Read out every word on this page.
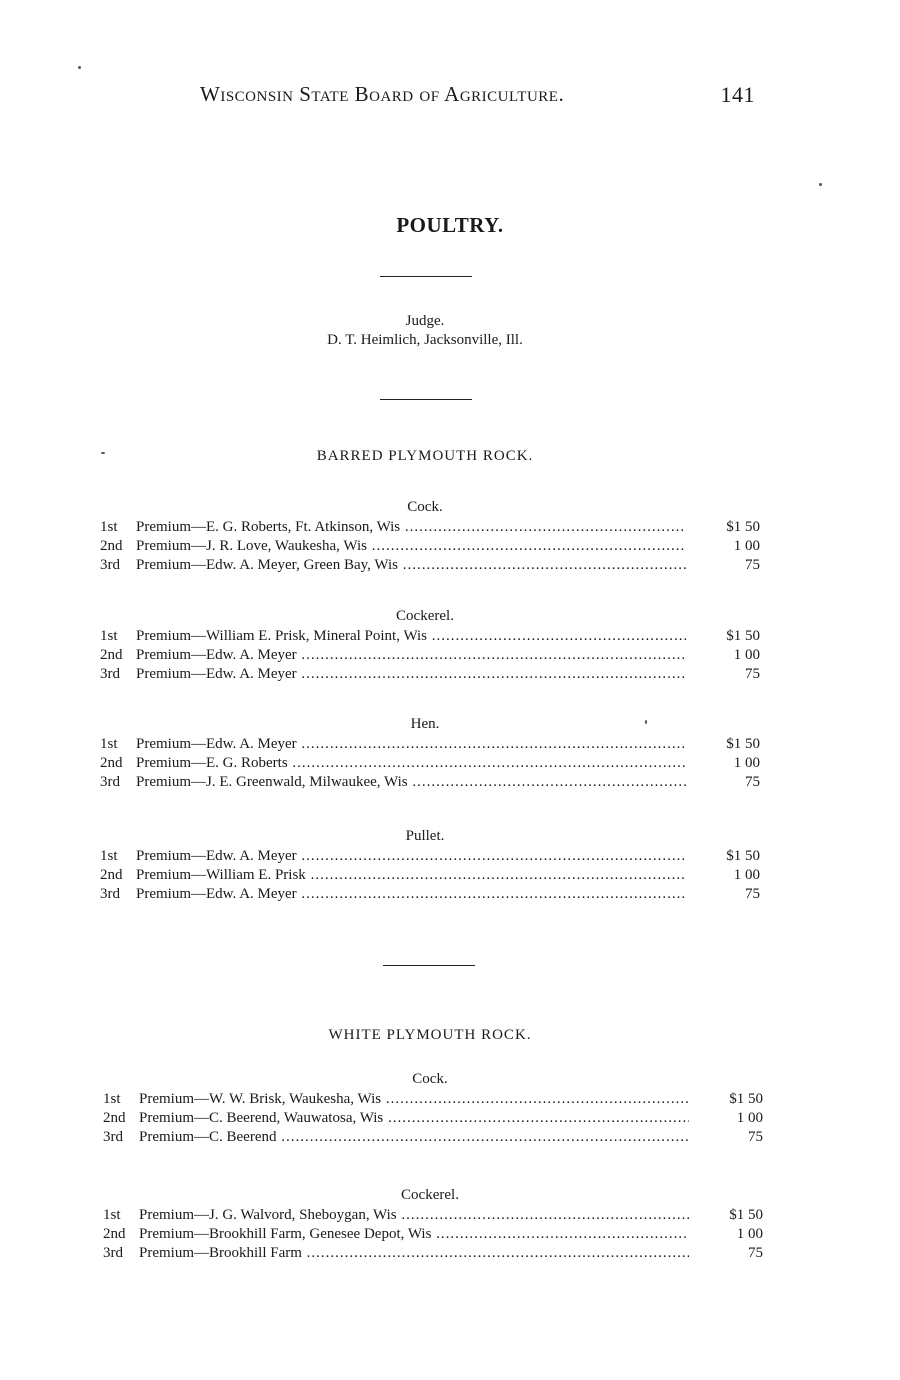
Wisconsin State Board of Agriculture.	141
POULTRY.
Judge.
D. T. Heimlich, Jacksonville, Ill.
BARRED PLYMOUTH ROCK.
Cock.
1st Premium—E. G. Roberts, Ft. Atkinson, Wis .....	$1 50
2nd Premium—J. R. Love, Waukesha, Wis .....	1 00
3rd Premium—Edw. A. Meyer, Green Bay, Wis .....	75
Cockerel.
1st Premium—William E. Prisk, Mineral Point, Wis .....	$1 50
2nd Premium—Edw. A. Meyer .....	1 00
3rd Premium—Edw. A. Meyer .....	75
Hen.
1st Premium—Edw. A. Meyer .....	$1 50
2nd Premium—E. G. Roberts .....	1 00
3rd Premium—J. E. Greenwald, Milwaukee, Wis .....	75
Pullet.
1st Premium—Edw. A. Meyer .....	$1 50
2nd Premium—William E. Prisk .....	1 00
3rd Premium—Edw. A. Meyer .....	75
WHITE PLYMOUTH ROCK.
Cock.
1st Premium—W. W. Brisk, Waukesha, Wis .....	$1 50
2nd Premium—C. Beerend, Wauwatosa, Wis .....	1 00
3rd Premium—C. Beerend .....	75
Cockerel.
1st Premium—J. G. Walvord, Sheboygan, Wis .....	$1 50
2nd Premium—Brookhill Farm, Genesee Depot, Wis .....	1 00
3rd Premium—Brookhill Farm .....	75
